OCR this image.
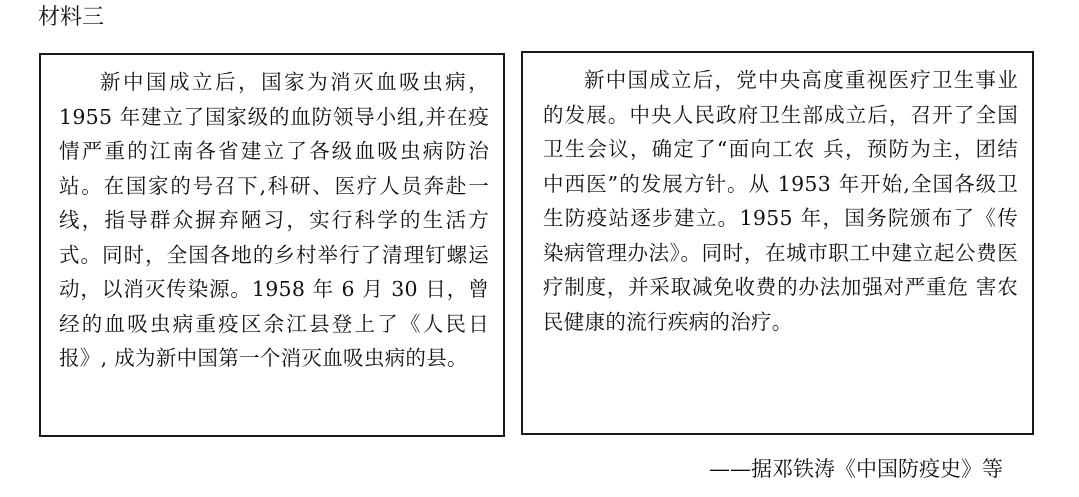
材料三

新中国成立后，国家为消灭血吸虫病， 1955 年建立了国家级的血防领导小组,并在疫情严重的江南各省建立了各级血吸虫病防治站。在国家的号召下,科研、医疗人员奔赴一线，指导群众摒弃陋习，实行科学的生活方式。同时，全国各地的乡村举行了清理钉螺运动，以消灭传染源。1958 年 6 月 30 日，曾经的血吸虫病重疫区余江县登上了《人民日报》, 成为新中国第一个消灭血吸虫病的县。

新中国成立后，党中央高度重视医疗卫生事业的发展。中央人民政府卫生部成立后，召开了全国卫生会议，确定了“面向工农 兵，预防为主，团结中西医”的发展方针。从 1953 年开始,全国各级卫生防疫站逐步建立。1955 年，国务院颁布了《传染病管理办法》。同时，在城市职工中建立起公费医疗制度，并采取减免收费的办法加强对严重危 害农民健康的流行疾病的治疗。

——据邓铁涛《中国防疫史》等
